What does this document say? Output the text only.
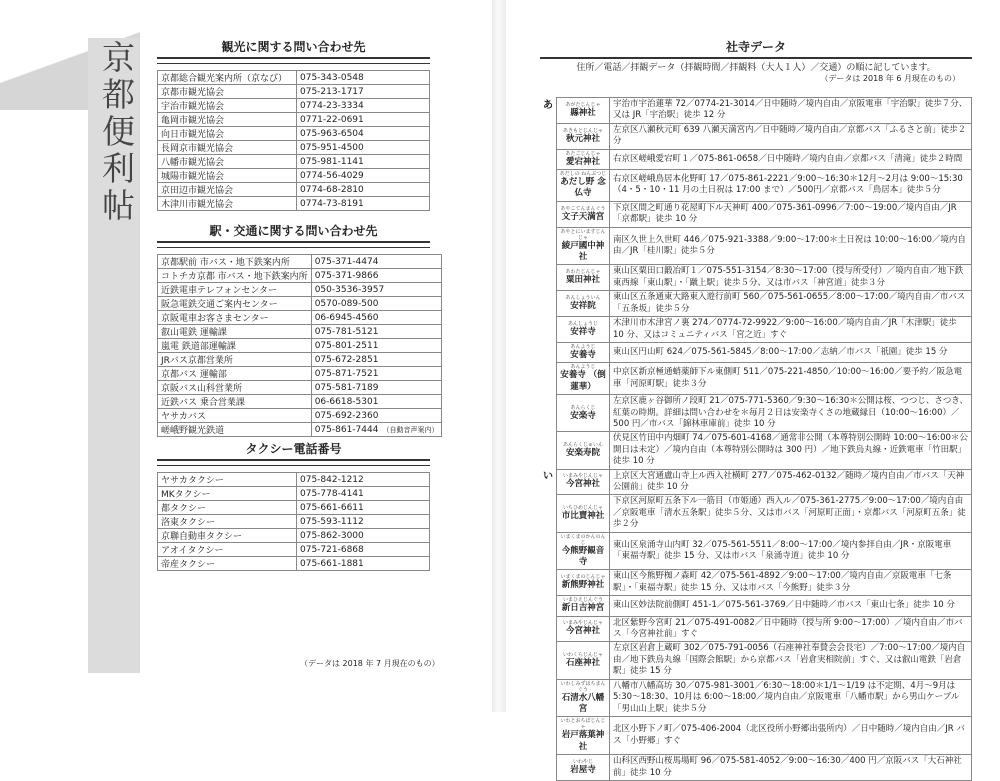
京都便利帖	観光に関する問い合わせ先
京都総合観光案内所（京なび）	075-343-0548
京都市観光協会	075-213-1717
宇治市観光協会	0774-23-3334
亀岡市観光協会	0771-22-0691
向日市観光協会	075-963-6504
長岡京市観光協会	075-951-4500
八幡市観光協会	075-981-1141
城陽市観光協会	0774-56-4029
京田辺市観光協会	0774-68-2810
木津川市観光協会	0774-73-8191
駅・交通に関する問い合わせ先
京都駅前 市バス・地下鉄案内所	075-371-4474
コトチカ京都 市バス・地下鉄案内所	075-371-9866
近鉄電車テレフォンセンター	050-3536-3957
阪急電鉄交通ご案内センター	0570-089-500
京阪電車お客さまセンター	06-6945-4560
叡山電鉄 運輸課	075-781-5121
嵐電 鉄道部運輸課	075-801-2511
JRバス京都営業所	075-672-2851
京都バス 運輸部	075-871-7521
京阪バス山科営業所	075-581-7189
近鉄バス 乗合営業課	06-6618-5301
ヤサカバス	075-692-2360
嵯峨野観光鉄道	075-861-7444 （自動音声案内）
タクシー電話番号
ヤサカタクシー	075-842-1212
MKタクシー	075-778-4141
都タクシー	075-661-6611
洛東タクシー	075-593-1112
京聯自動車タクシー	075-862-3000
アオイタクシー	075-721-6868
帝産タクシー	075-661-1881
（データは 2018 年 7 月現在のもの）
社寺データ
住所／電話／拝観データ（拝観時間／拝観料（大人１人）／交通）の順に記しています。
（データは 2018 年 6 月現在のもの）
あ	あがたじんじゃ
縣神社	宇治市宇治蓮華 72／0774-21-3014／日中随時／境内自由／京阪電車「宇治駅」徒歩７分、又は JR「宇治駅」徒歩 12 分

	あきもとじんじゃ
秋元神社	左京区八瀬秋元町 639 八瀬天満宮内／日中随時／境内自由／京都バス「ふるさと前」徒歩２分

	あたごじんじゃ
愛宕神社	右京区嵯峨愛宕町１／075-861-0658／日中随時／境内自由／京都バス「清滝」徒歩２時間

	あだしの ねんぶつじ
あだし野 念仏寺	右京区嵯峨鳥居本化野町 17／075-861-2221／9:00〜16:30＊12月〜2月は 9:00〜15:30（4・5・10・11 月の土日祝は 17:00 まで）／500円／京都バス「鳥居本」徒歩５分

	あやこてんまんぐう
文子天満宮	下京区間之町通り花屋町下ル天神町 400／075-361-0996／7:00〜19:00／境内自由／JR「京都駅」徒歩 10 分

	あやとにいますじんじゃ
綾戸國中神社	南区久世上久世町 446／075-921-3388／9:00〜17:00＊土日祝は 10:00〜16:00／境内自由／JR「桂川駅」徒歩５分

	あわたじんじゃ
粟田神社	東山区粟田口鍛冶町１／075-551-3154／8:30〜17:00（授与所受付）／境内自由／地下鉄東西線「東山駅」・「蹴上駅」徒歩５分、又は市バス「神宮道」徒歩３分

	あんしょういん
安祥院	東山区五条通東大路東入遊行前町 560／075-561-0655／8:00〜17:00／境内自由／市バス「五条坂」徒歩５分

	あんしょうじ
安祥寺	木津川市木津宮ノ裏 274／0774-72-9922／9:00〜16:00／境内自由／JR「木津駅」徒歩 10 分、又はコミュニティバス「宮之近」すぐ

	あんようじ
安養寺	東山区円山町 624／075-561-5845／8:00〜17:00／志納／市バス「祇園」徒歩 15 分

	あんようじ
安養寺 （倒蓮華）	中京区新京極通蛸薬師下ル東側町 511／075-221-4850／10:00〜16:00／要予約／阪急電車「河原町駅」徒歩３分

	あんらくじ
安楽寺	左京区鹿ヶ谷御所ノ段町 21／075-771-5360／9:30〜16:30＊公開は桜、つつじ、さつき、紅葉の時期。詳細は問い合わせを＊毎月２日は安楽寺くさの地蔵縁日（10:00〜16:00）／500 円／市バス「錦林車庫前」徒歩 10 分

	あんらくじゅいん
安楽寿院	伏見区竹田中内畑町 74／075-601-4168／通常非公開（本尊特別公開時 10:00〜16:00＊公開日は未定）／境内自由（本尊特別公開時は 300 円）／地下鉄烏丸線・近鉄電車「竹田駅」徒歩 10 分
い	いまみやじんじゃ
今宮神社	上京区大宮通盧山寺上ル西入社横町 277／075-462-0132／随時／境内自由／市バス「天神公園前」徒歩 10 分

	いちひめじんじゃ
市比賣神社	下京区河原町五条下ル一筋目（市姫通）西入ル／075-361-2775／9:00〜17:00／境内自由／京阪電車「清水五条駅」徒歩５分、又は市バス「河原町正面」・京都バス「河原町五条」徒歩２分

	いまくまのかんのんじ
今熊野観音寺	東山区泉涌寺山内町 32／075-561-5511／8:00〜17:00／境内参拝自由／JR・京阪電車「東福寺駅」徒歩 15 分、又は市バス「泉涌寺道」徒歩 10 分

	いまくまのじんじゃ
新熊野神社	東山区今熊野椥ノ森町 42／075-561-4892／9:00〜17:00／境内自由／京阪電車「七条駅」・「東福寺駅」徒歩 15 分、又は市バス「今熊野」徒歩３分

	いまひえじんぐう
新日吉神宮	東山区妙法院前側町 451-1／075-561-3769／日中随時／市バス「東山七条」徒歩 10 分

	いまみやじんじゃ
今宮神社	北区紫野今宮町 21／075-491-0082／日中随時（授与所 9:00〜17:00）／境内自由／市バス「今宮神社前」すぐ

	いわくらじんじゃ
石座神社	左京区岩倉上蔵町 302／075-791-0056（石座神社奉賛会会長宅）／7:00〜17:00／境内自由／地下鉄烏丸線「国際会館駅」から京都バス「岩倉実相院前」すぐ、又は叡山電鉄「岩倉駅」徒歩 15 分

	いわしみずはちまんぐう
石清水八幡宮	八幡市八幡高坊 30／075-981-3001／6:30〜18:00＊1/1〜1/19 は不定期、4月〜9月は 5:30〜18:30、10月は 6:00〜18:00／境内自由／京阪電車「八幡市駅」から男山ケーブル「男山山上駅」徒歩５分

	いわとおちばじんじゃ
岩戸落葉神社	北区小野下ノ町／075-406-2004（北区役所小野郷出張所内）／日中随時／境内自由／JR バス「小野郷」すぐ

	いわやじ
岩屋寺	山科区西野山桜馬場町 96／075-581-4052／9:00〜16:30／400 円／京阪バス「大石神社前」徒歩 10 分
